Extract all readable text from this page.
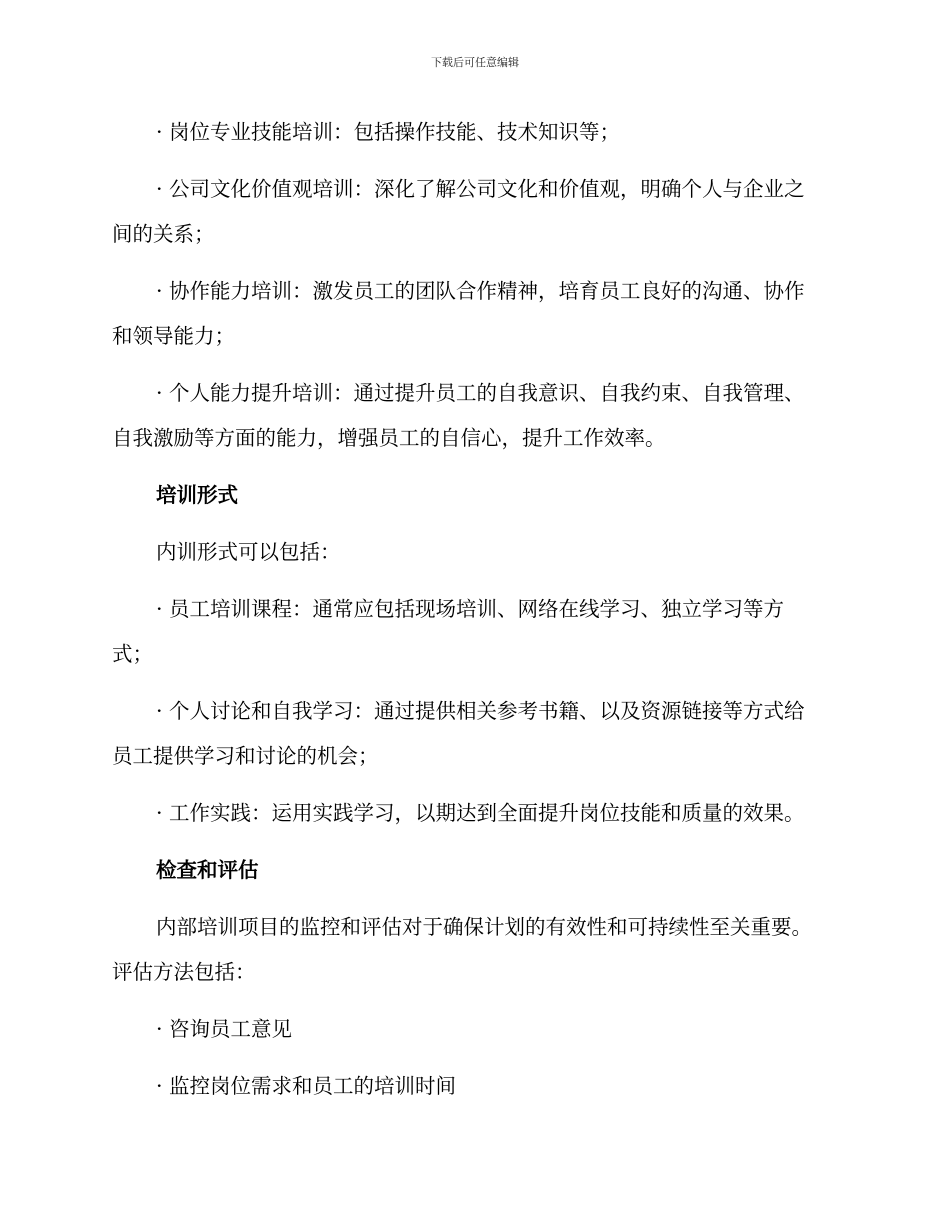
下载后可任意编辑

· 岗位专业技能培训：包括操作技能、技术知识等；

· 公司文化价值观培训：深化了解公司文化和价值观，明确个人与企业之间的关系；

· 协作能力培训：激发员工的团队合作精神，培育员工良好的沟通、协作和领导能力；

· 个人能力提升培训：通过提升员工的自我意识、自我约束、自我管理、自我激励等方面的能力，增强员工的自信心，提升工作效率。

培训形式

内训形式可以包括：

· 员工培训课程：通常应包括现场培训、网络在线学习、独立学习等方式；

· 个人讨论和自我学习：通过提供相关参考书籍、以及资源链接等方式给员工提供学习和讨论的机会；

· 工作实践：运用实践学习，以期达到全面提升岗位技能和质量的效果。

检查和评估

内部培训项目的监控和评估对于确保计划的有效性和可持续性至关重要。评估方法包括：

· 咨询员工意见

· 监控岗位需求和员工的培训时间
